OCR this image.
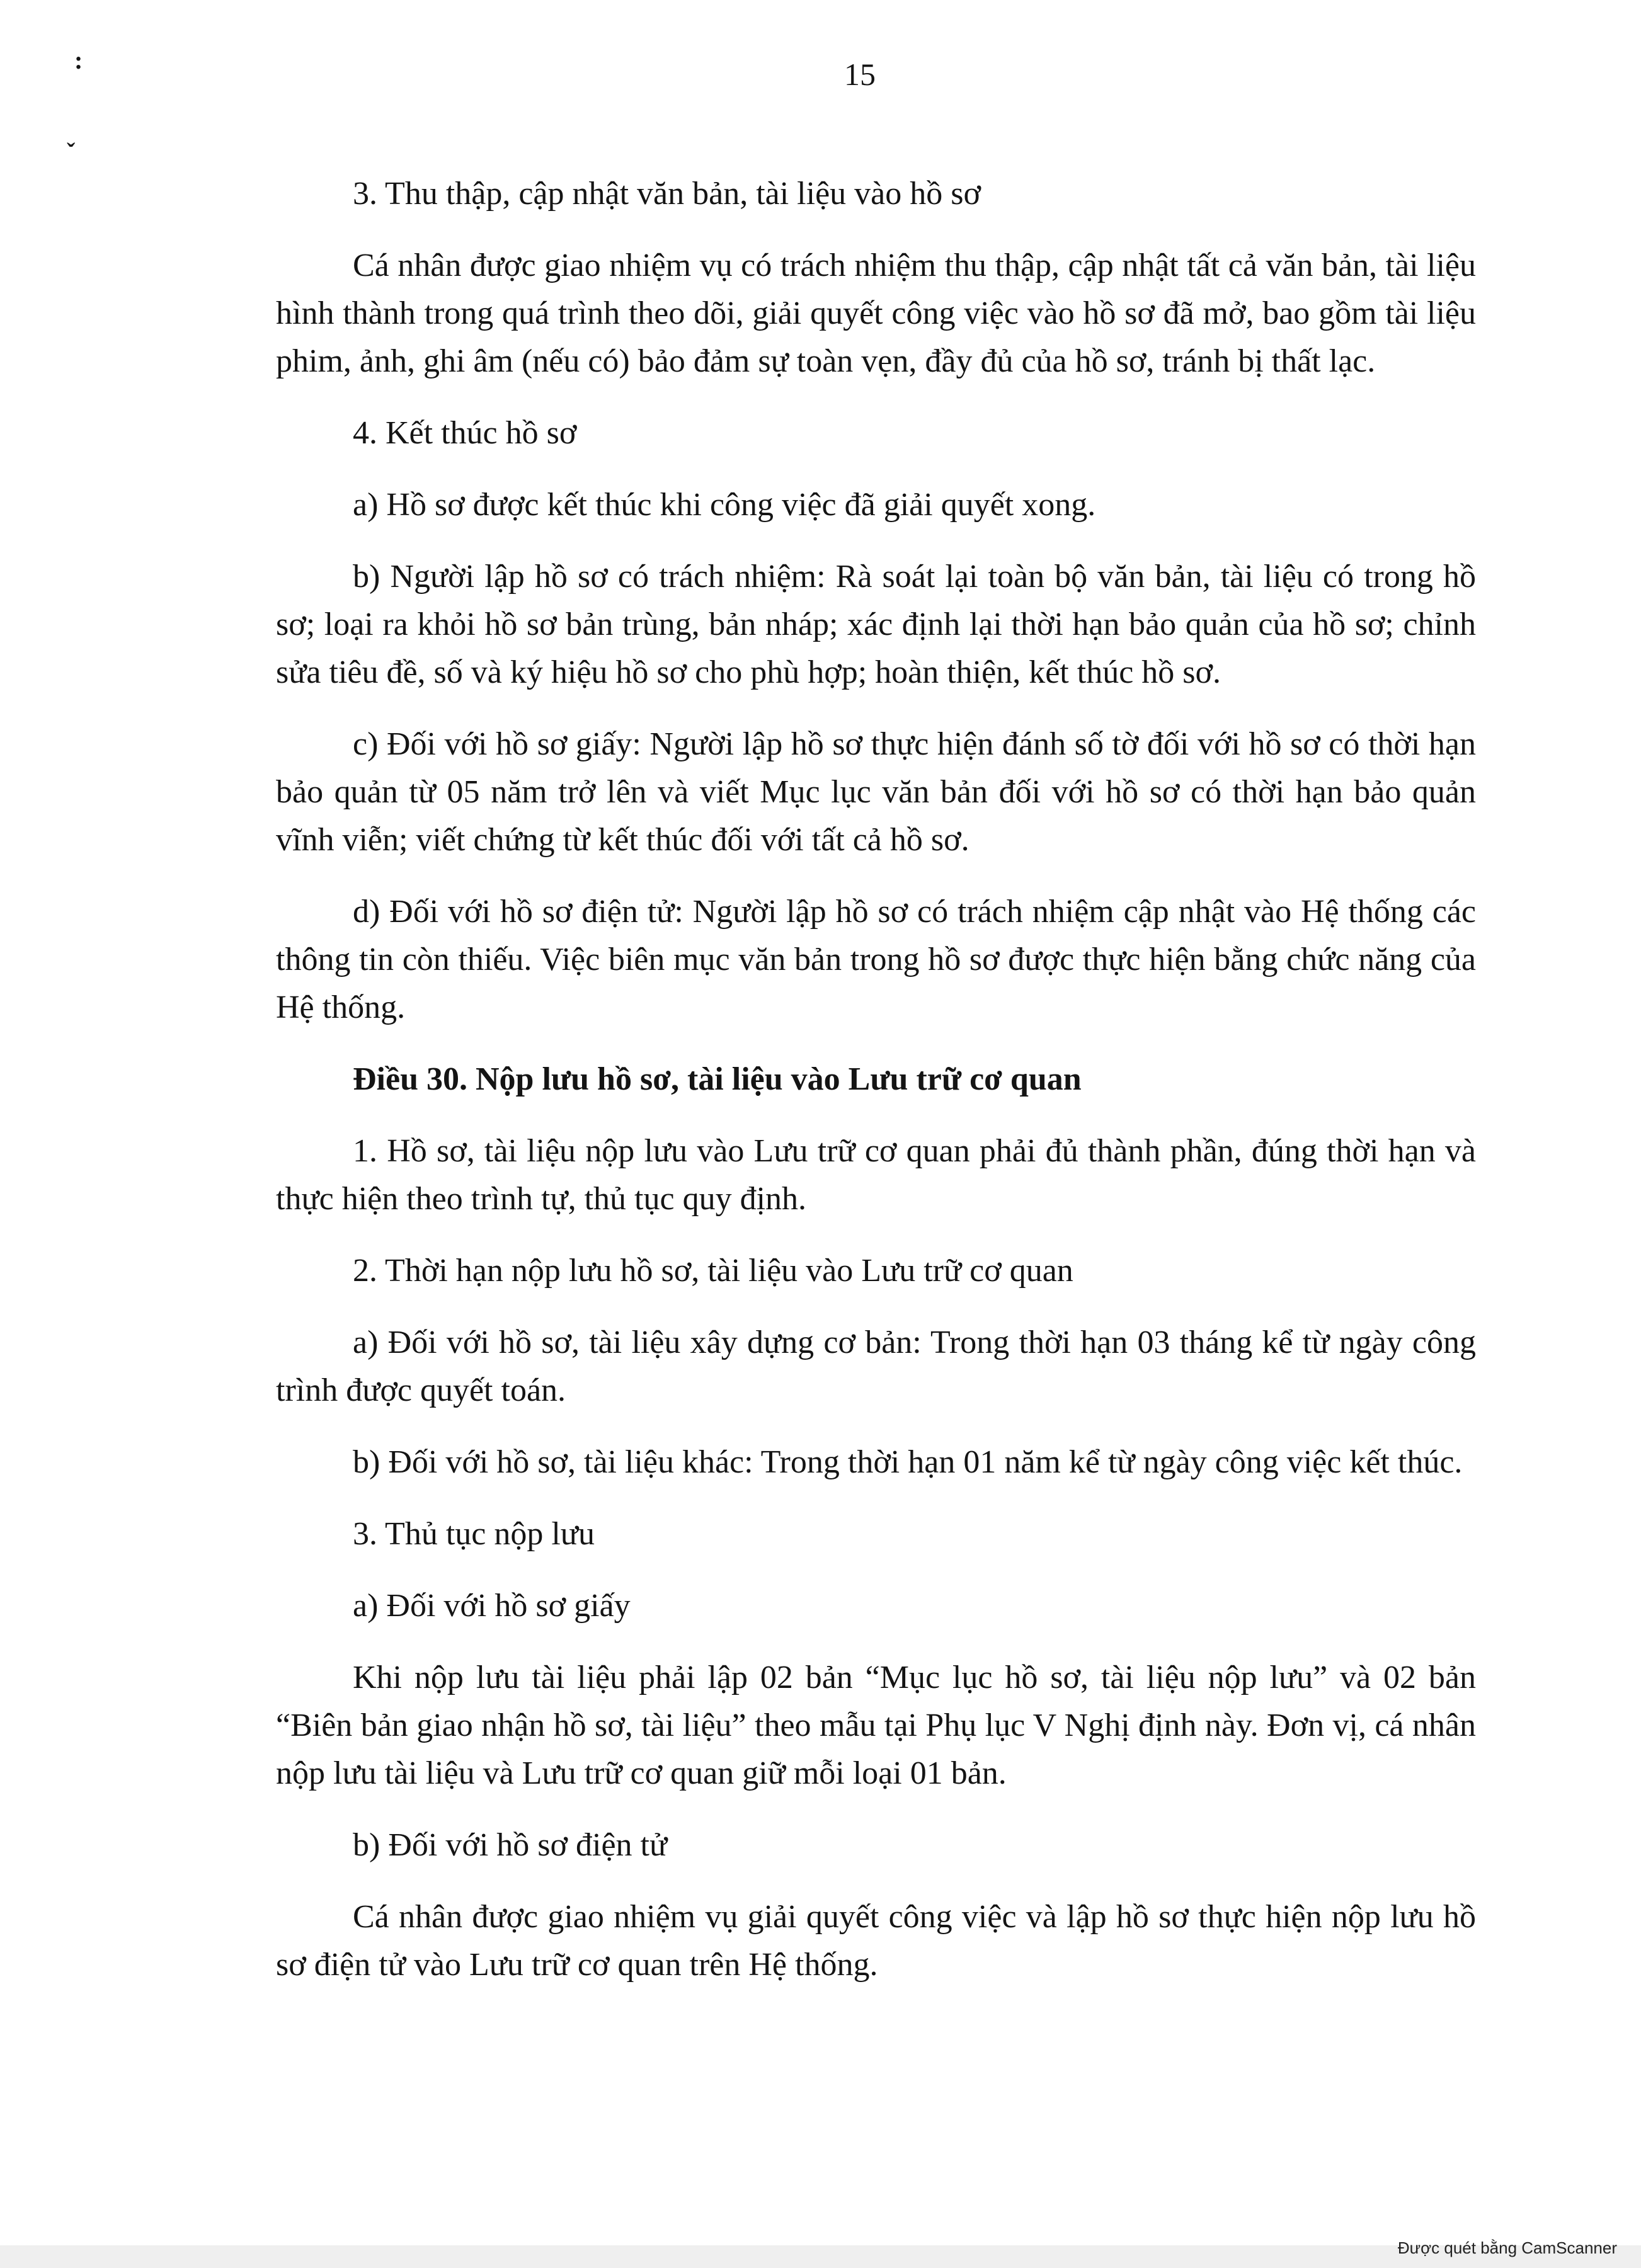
:
ˇ
15

3. Thu thập, cập nhật văn bản, tài liệu vào hồ sơ

Cá nhân được giao nhiệm vụ có trách nhiệm thu thập, cập nhật tất cả văn bản, tài liệu hình thành trong quá trình theo dõi, giải quyết công việc vào hồ sơ đã mở, bao gồm tài liệu phim, ảnh, ghi âm (nếu có) bảo đảm sự toàn vẹn, đầy đủ của hồ sơ, tránh bị thất lạc.

4. Kết thúc hồ sơ

a) Hồ sơ được kết thúc khi công việc đã giải quyết xong.

b) Người lập hồ sơ có trách nhiệm: Rà soát lại toàn bộ văn bản, tài liệu có trong hồ sơ; loại ra khỏi hồ sơ bản trùng, bản nháp; xác định lại thời hạn bảo quản của hồ sơ; chỉnh sửa tiêu đề, số và ký hiệu hồ sơ cho phù hợp; hoàn thiện, kết thúc hồ sơ.

c) Đối với hồ sơ giấy: Người lập hồ sơ thực hiện đánh số tờ đối với hồ sơ có thời hạn bảo quản từ 05 năm trở lên và viết Mục lục văn bản đối với hồ sơ có thời hạn bảo quản vĩnh viễn; viết chứng từ kết thúc đối với tất cả hồ sơ.

d) Đối với hồ sơ điện tử: Người lập hồ sơ có trách nhiệm cập nhật vào Hệ thống các thông tin còn thiếu. Việc biên mục văn bản trong hồ sơ được thực hiện bằng chức năng của Hệ thống.

Điều 30. Nộp lưu hồ sơ, tài liệu vào Lưu trữ cơ quan

1. Hồ sơ, tài liệu nộp lưu vào Lưu trữ cơ quan phải đủ thành phần, đúng thời hạn và thực hiện theo trình tự, thủ tục quy định.

2. Thời hạn nộp lưu hồ sơ, tài liệu vào Lưu trữ cơ quan

a) Đối với hồ sơ, tài liệu xây dựng cơ bản: Trong thời hạn 03 tháng kể từ ngày công trình được quyết toán.

b) Đối với hồ sơ, tài liệu khác: Trong thời hạn 01 năm kể từ ngày công việc kết thúc.

3. Thủ tục nộp lưu

a) Đối với hồ sơ giấy

Khi nộp lưu tài liệu phải lập 02 bản “Mục lục hồ sơ, tài liệu nộp lưu” và 02 bản “Biên bản giao nhận hồ sơ, tài liệu” theo mẫu tại Phụ lục V Nghị định này. Đơn vị, cá nhân nộp lưu tài liệu và Lưu trữ cơ quan giữ mỗi loại 01 bản.

b) Đối với hồ sơ điện tử

Cá nhân được giao nhiệm vụ giải quyết công việc và lập hồ sơ thực hiện nộp lưu hồ sơ điện tử vào Lưu trữ cơ quan trên Hệ thống.

Được quét bằng CamScanner
